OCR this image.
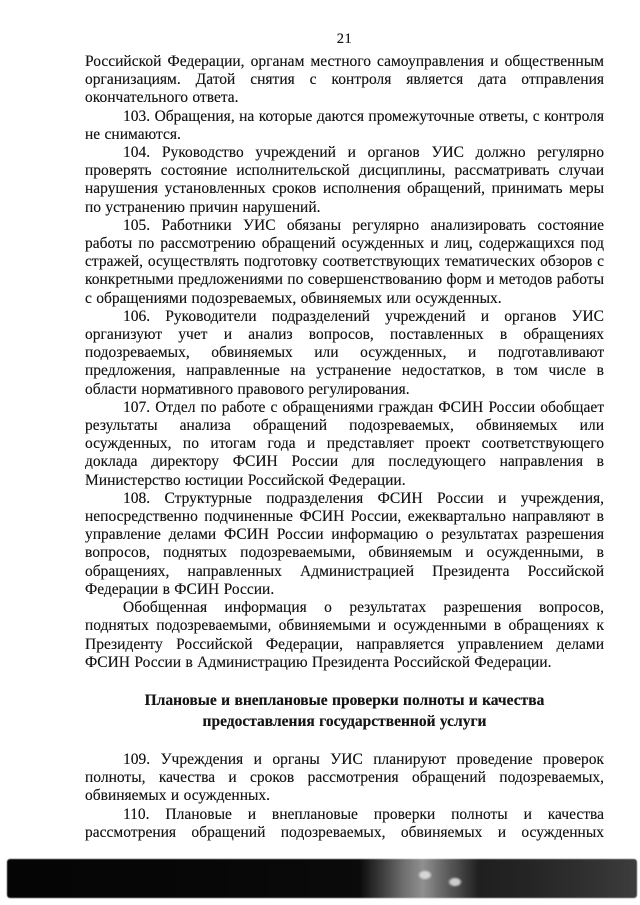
21

Российской Федерации, органам местного самоуправления и общественным организациям. Датой снятия с контроля является дата отправления окончательного ответа.

103. Обращения, на которые даются промежуточные ответы, с контроля не снимаются.

104. Руководство учреждений и органов УИС должно регулярно проверять состояние исполнительской дисциплины, рассматривать случаи нарушения установленных сроков исполнения обращений, принимать меры по устранению причин нарушений.

105. Работники УИС обязаны регулярно анализировать состояние работы по рассмотрению обращений осужденных и лиц, содержащихся под стражей, осуществлять подготовку соответствующих тематических обзоров с конкретными предложениями по совершенствованию форм и методов работы с обращениями подозреваемых, обвиняемых или осужденных.

106. Руководители подразделений учреждений и органов УИС организуют учет и анализ вопросов, поставленных в обращениях подозреваемых, обвиняемых или осужденных, и подготавливают предложения, направленные на устранение недостатков, в том числе в области нормативного правового регулирования.

107. Отдел по работе с обращениями граждан ФСИН России обобщает результаты анализа обращений подозреваемых, обвиняемых или осужденных, по итогам года и представляет проект соответствующего доклада директору ФСИН России для последующего направления в Министерство юстиции Российской Федерации.

108. Структурные подразделения ФСИН России и учреждения, непосредственно подчиненные ФСИН России, ежеквартально направляют в управление делами ФСИН России информацию о результатах разрешения вопросов, поднятых подозреваемыми, обвиняемым и осужденными, в обращениях, направленных Администрацией Президента Российской Федерации в ФСИН России.

Обобщенная информация о результатах разрешения вопросов, поднятых подозреваемыми, обвиняемыми и осужденными в обращениях к Президенту Российской Федерации, направляется управлением делами ФСИН России в Администрацию Президента Российской Федерации.

Плановые и внеплановые проверки полноты и качества
предоставления государственной услуги

109. Учреждения и органы УИС планируют проведение проверок полноты, качества и сроков рассмотрения обращений подозреваемых, обвиняемых и осужденных.

110. Плановые и внеплановые проверки полноты и качества рассмотрения обращений подозреваемых, обвиняемых и осужденных
